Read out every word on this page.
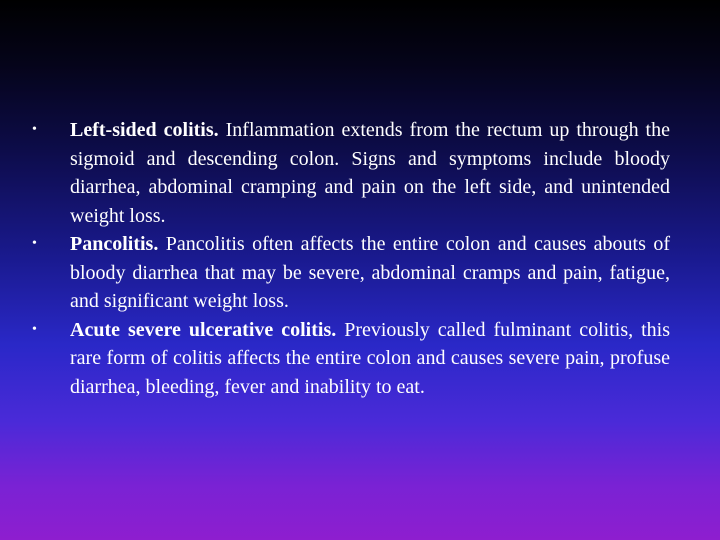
• Left-sided colitis. Inflammation extends from the rectum up through the sigmoid and descending colon. Signs and symptoms include bloody diarrhea, abdominal cramping and pain on the left side, and unintended weight loss.
• Pancolitis. Pancolitis often affects the entire colon and causes abouts of bloody diarrhea that may be severe, abdominal cramps and pain, fatigue, and significant weight loss.
• Acute severe ulcerative colitis. Previously called fulminant colitis, this rare form of colitis affects the entire colon and causes severe pain, profuse diarrhea, bleeding, fever and inability to eat.
